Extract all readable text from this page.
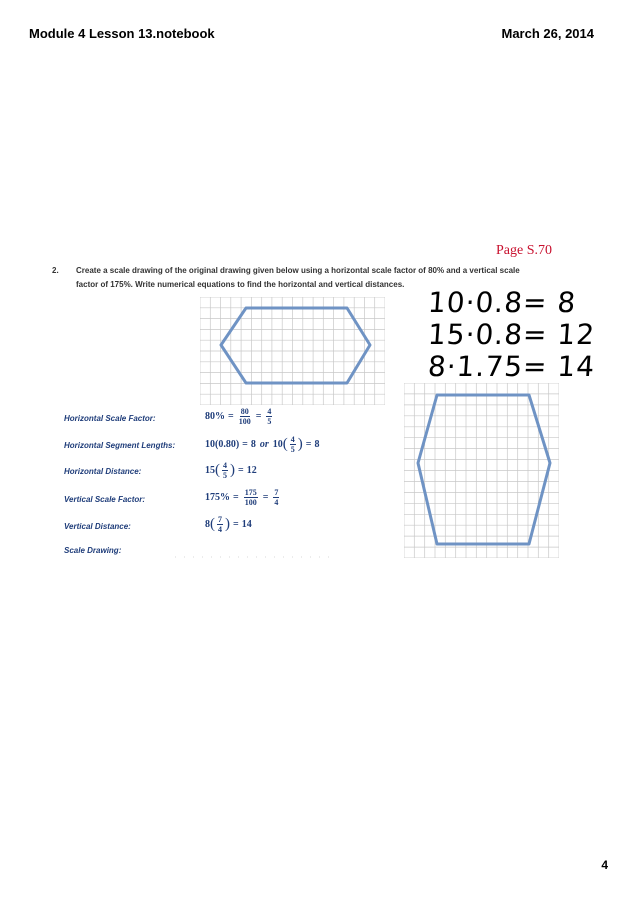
Module 4 Lesson 13.notebook	March 26, 2014
Page S.70
2. Create a scale drawing of the original drawing given below using a horizontal scale factor of 80% and a vertical scale factor of 175%. Write numerical equations to find the horizontal and vertical distances.
10·0.8= 8
15·0.8= 12
8·1.75= 14
Horizontal Scale Factor:	$80\% = \frac{80}{100} = \frac{4}{5}$
Horizontal Segment Lengths:	10(0.80) = 8 or 10 ( $\frac{4}{5}$ ) = 8
Horizontal Distance:	15 ( $\frac{4}{5}$ ) = 12
Vertical Scale Factor:	$175\% = \frac{175}{100} = \frac{7}{4}$
Vertical Distance:	8 ( $\frac{7}{4}$ ) = 14
Scale Drawing:
4
